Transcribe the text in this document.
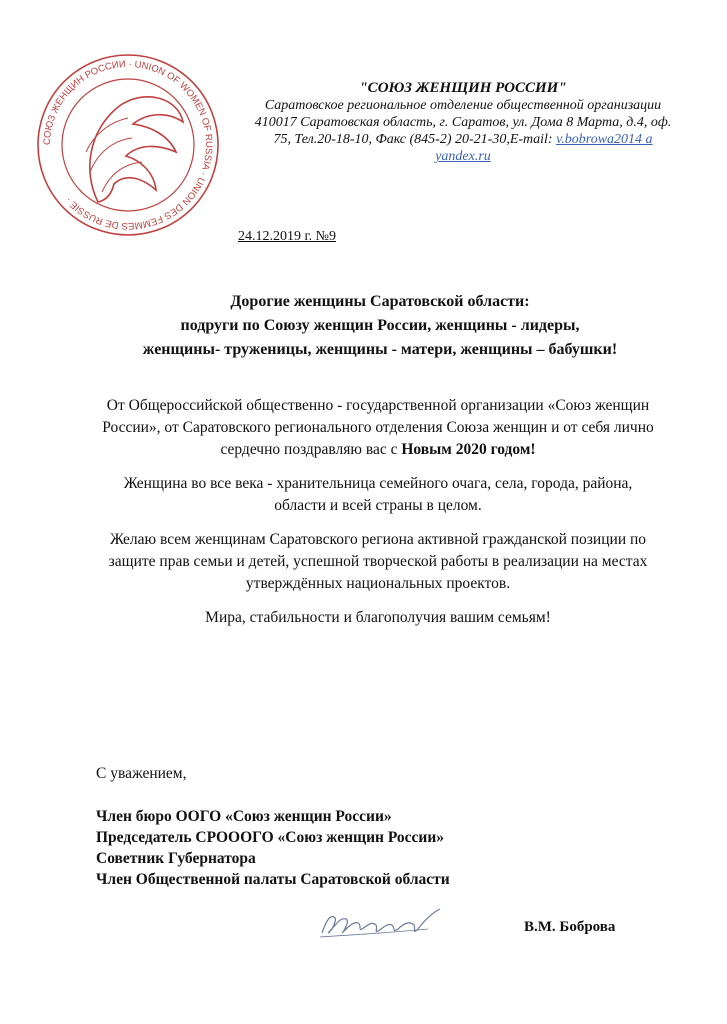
СОЮЗ ЖЕНЩИН РОССИИ · UNION OF WOMEN OF RUSSIA · UNION DES FEMMES DE RUSSIE ·
"СОЮЗ ЖЕНЩИН РОССИИ"
Саратовское региональное отделение общественной организации
410017 Саратовская область, г. Саратов, ул. Дома 8 Марта, д.4, оф.
75, Тел.20-18-10, Факс (845-2) 20-21-30,E-mail: v.bobrowa2014 a
yandex.ru
24.12.2019 г. №9

Дорогие женщины Саратовской области:

подруги по Союзу женщин России, женщины - лидеры,

женщины- труженицы, женщины - матери, женщины – бабушки!

От Общероссийской общественно - государственной организации «Союз женщин России», от Саратовского регионального отделения Союза женщин и от себя лично сердечно поздравляю вас с Новым 2020 годом!

Женщина во все века - хранительница семейного очага, села, города, района, области и всей страны в целом.

Желаю всем женщинам Саратовского региона активной гражданской позиции по защите прав семьи и детей, успешной творческой работы в реализации на местах утверждённых национальных проектов.

Мира, стабильности и благополучия вашим семьям!

С уважением,
Член бюро ООГО «Союз женщин России»
Председатель СРОООГО «Союз женщин России»
Советник Губернатора
Член Общественной палаты Саратовской области
В.М. Боброва
